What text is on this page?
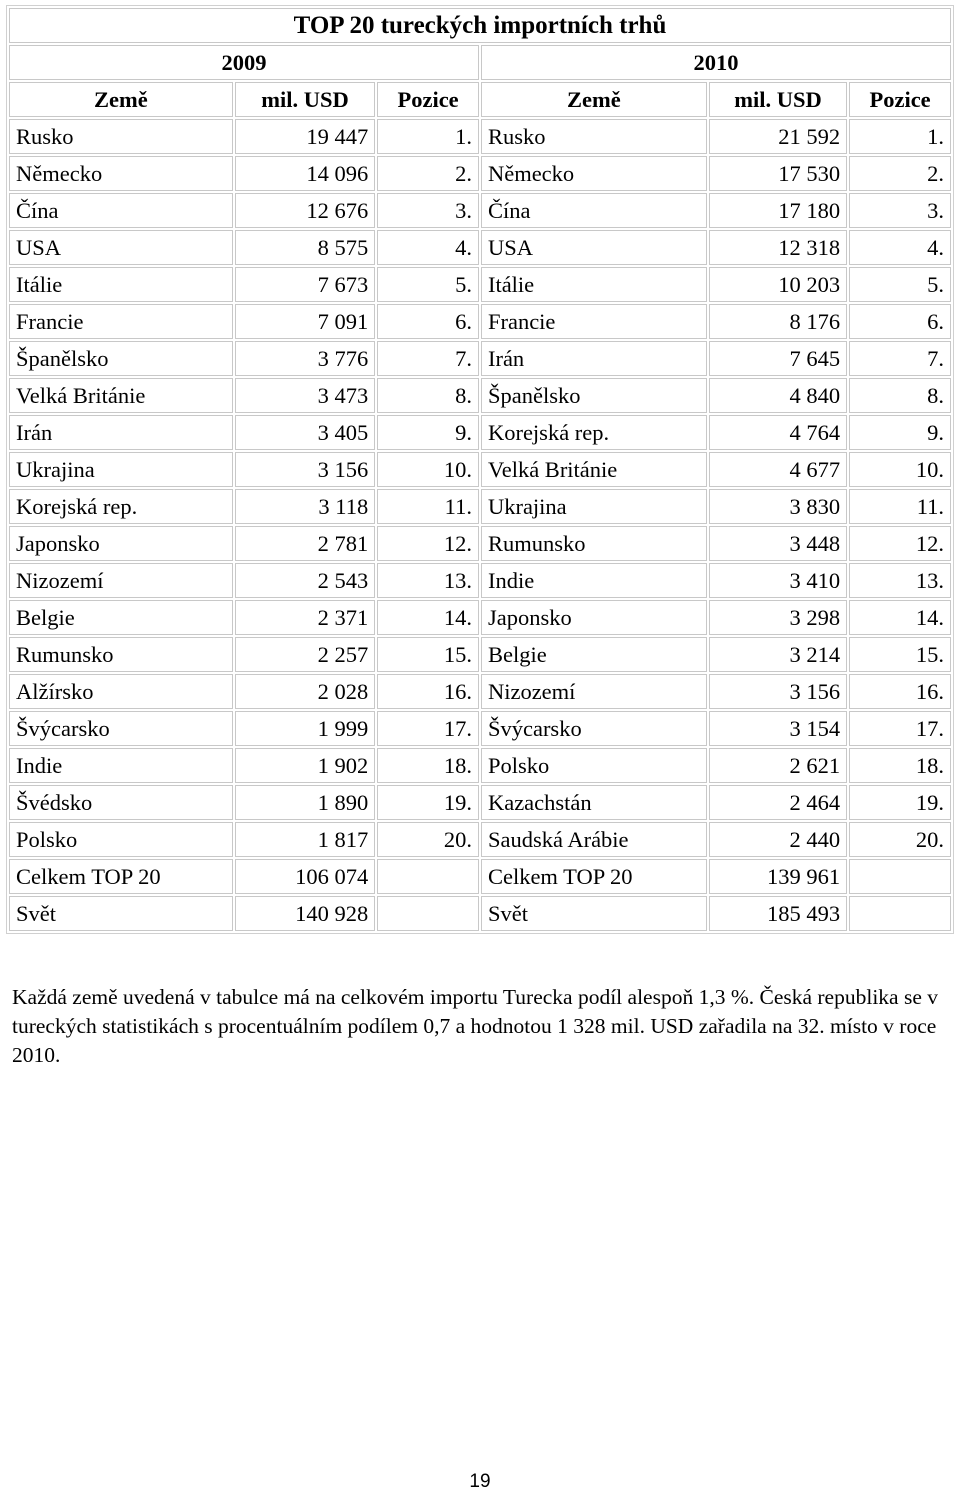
TOP 20 tureckých importních trhů					
2009			2010		
Země	mil. USD	Pozice	Země	mil. USD	Pozice
Rusko	19 447	1.	Rusko	21 592	1.
Německo	14 096	2.	Německo	17 530	2.
Čína	12 676	3.	Čína	17 180	3.
USA	8 575	4.	USA	12 318	4.
Itálie	7 673	5.	Itálie	10 203	5.
Francie	7 091	6.	Francie	8 176	6.
Španělsko	3 776	7.	Irán	7 645	7.
Velká Británie	3 473	8.	Španělsko	4 840	8.
Irán	3 405	9.	Korejská rep.	4 764	9.
Ukrajina	3 156	10.	Velká Británie	4 677	10.
Korejská rep.	3 118	11.	Ukrajina	3 830	11.
Japonsko	2 781	12.	Rumunsko	3 448	12.
Nizozemí	2 543	13.	Indie	3 410	13.
Belgie	2 371	14.	Japonsko	3 298	14.
Rumunsko	2 257	15.	Belgie	3 214	15.
Alžírsko	2 028	16.	Nizozemí	3 156	16.
Švýcarsko	1 999	17.	Švýcarsko	3 154	17.
Indie	1 902	18.	Polsko	2 621	18.
Švédsko	1 890	19.	Kazachstán	2 464	19.
Polsko	1 817	20.	Saudská Arábie	2 440	20.
Celkem TOP 20	106 074		Celkem TOP 20	139 961	
Svět	140 928		Svět	185 493	
Každá země uvedená v tabulce má na celkovém importu Turecka podíl alespoň 1,3 %. Česká republika se v tureckých statistikách s procentuálním podílem 0,7 a hodnotou 1 328 mil. USD zařadila na 32. místo v roce 2010.
19
